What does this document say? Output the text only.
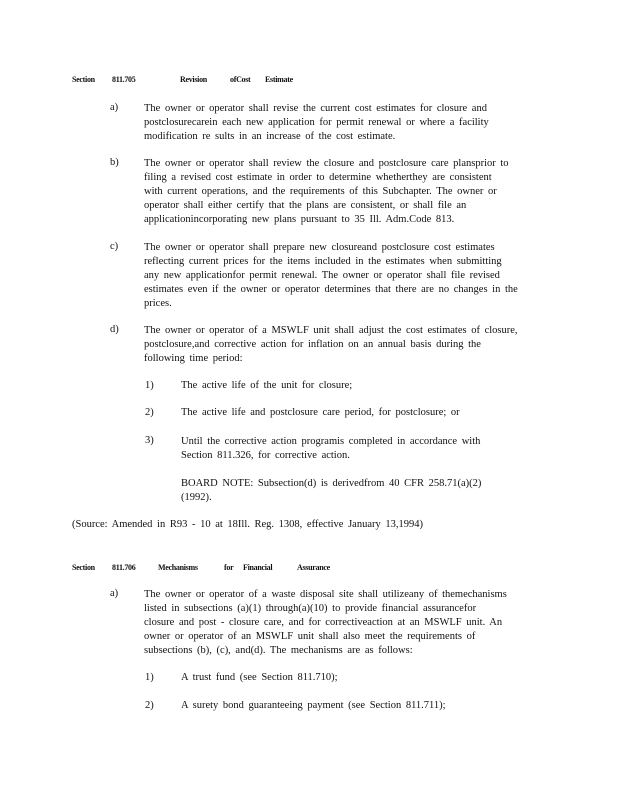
Section 811.705	Revision	ofCost Estimate
a) The owner or operator shall revise the current cost estimates for closure and
postclosurecarein each new application for permit renewal or where a facility
modification re sults in an increase of the cost estimate.
b) The owner or operator shall review the closure and postclosure care plansprior to
filing a revised cost estimate in order to determine whetherthey are consistent
with current operations, and the requirements of this Subchapter. The owner or
operator shall either certify that the plans are consistent, or shall file an
applicationincorporating new plans pursuant to 35 Ill. Adm.Code 813.
c) The owner or operator shall prepare new closureand postclosure cost estimates
reflecting current prices for the items included in the estimates when submitting
any new applicationfor permit renewal. The owner or operator shall file revised
estimates even if the owner or operator determines that there are no changes in the
prices.
d) The owner or operator of a MSWLF unit shall adjust the cost estimates of closure,
postclosure,and corrective action for inflation on an annual basis during the
following time period:
1)	The active life of the unit for closure;
2)	The active life and postclosure care period, for postclosure; or
3)	Until the corrective action programis completed in accordance with
Section 811.326, for corrective action.
BOARD NOTE: Subsection(d) is derivedfrom 40 CFR 258.71(a)(2)
(1992).
(Source: Amended in R93 - 10 at 18Ill. Reg. 1308, effective January 13,1994)
Section 811.706	Mechanisms	for Financial	Assurance
a) The owner or operator of a waste disposal site shall utilizeany of themechanisms
listed in subsections (a)(1) through(a)(10) to provide financial assurancefor
closure and post - closure care, and for correctiveaction at an MSWLF unit. An
owner or operator of an MSWLF unit shall also meet the requirements of
subsections (b), (c), and(d). The mechanisms are as follows:
1)	A trust fund (see Section 811.710);
2)	A surety bond guaranteeing payment (see Section 811.711);
